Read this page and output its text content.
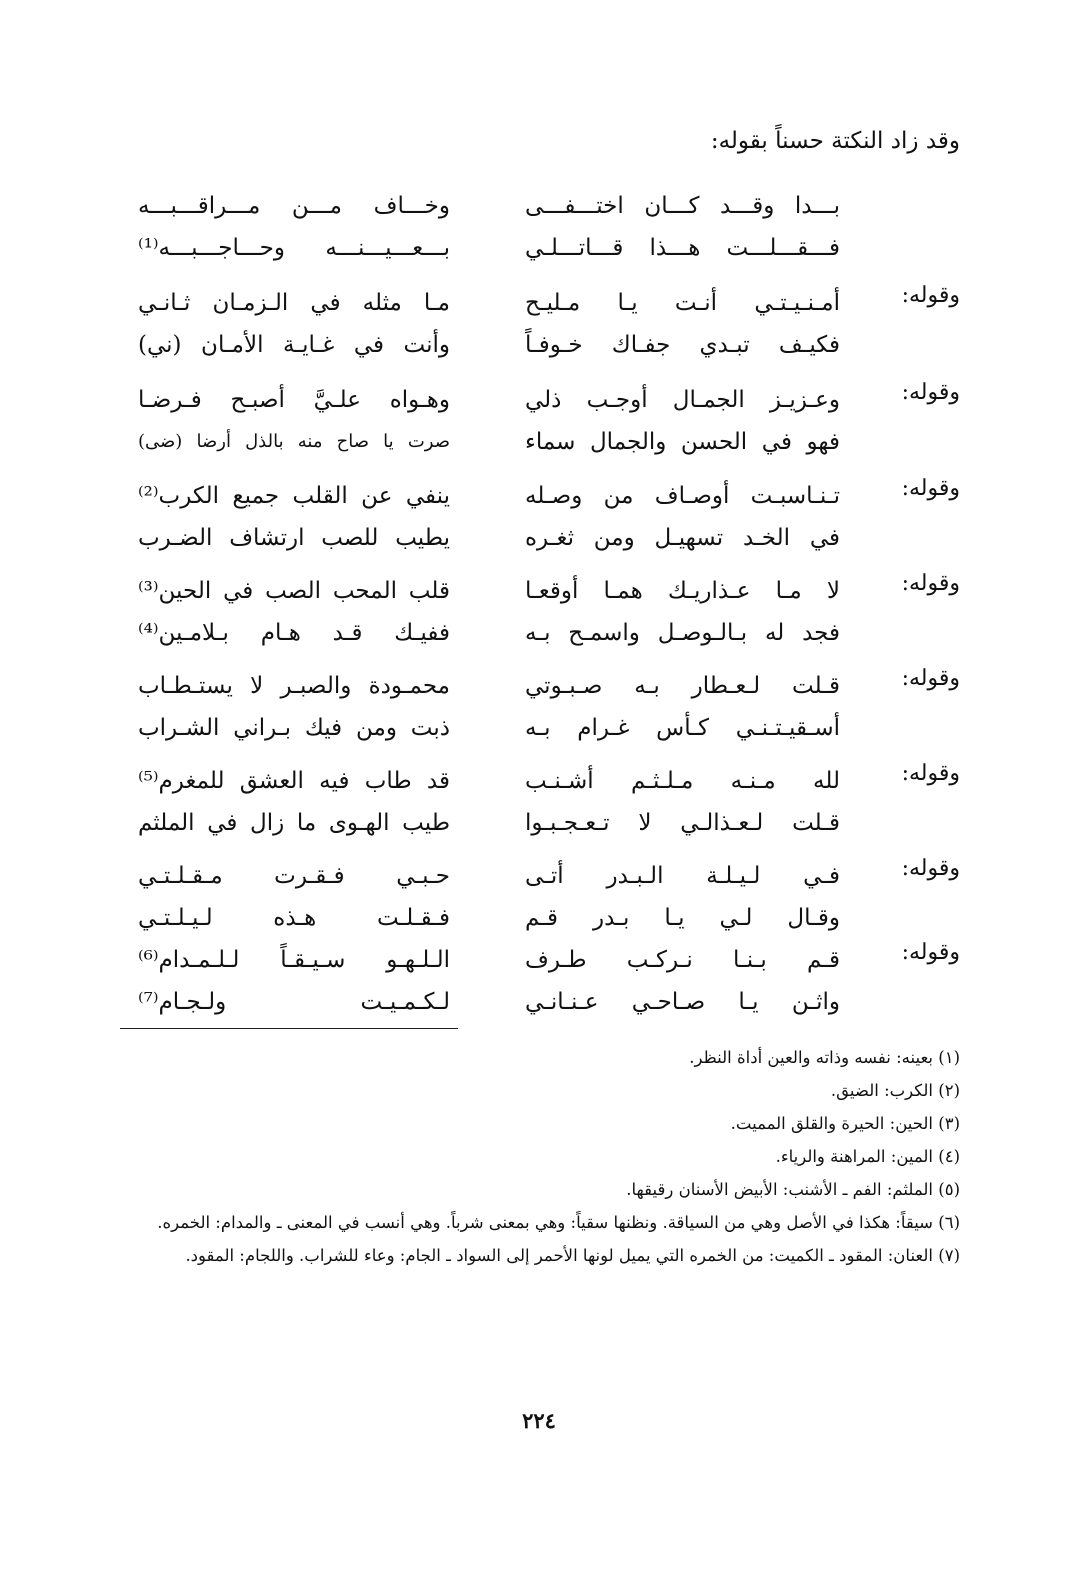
وقد زاد النكتة حسناً بقوله:
بـــدا وقـــد كـــان اختـــفـــى
وخـــاف مـــن مـــراقـــبـــه
فـــقـــلـــت هـــذا قـــاتـــلـي
بـــعـــيـــنـــه وحـــاجـــبـــه⁽¹⁾
وقوله:
أمـنـيـتـي أنـت يـا مـليـح
مـا مثله في الـزمـان ثـانـي
فكيـف تبـدي جفـاك خـوفـاً
وأنت في غـايـة الأمـان (ني)
وقوله:
وعـزيـز الجمـال أوجـب ذلي
وهـواه علـيَّ أصبـح فـرضـا
فهو في الحسن والجمال سماء
صرت يا صاح منه بالذل أرضا (ضى)
وقوله:
تـنـاسبـت أوصـاف من وصـله
ينفي عن القلب جميع الكرب⁽²⁾
في الخـد تسهيـل ومن ثغـره
يطيب للصب ارتشاف الضـرب
وقوله:
لا مـا عـذاريـك همـا أوقعـا
قلب المحب الصب في الحين⁽³⁾
فجد له بـالـوصـل واسمـح بـه
ففيـك قـد هـام بـلامـين⁽⁴⁾
وقوله:
قـلت لـعـطار بـه صـبـوتي
محمـودة والصبـر لا يستـطـاب
أسـقيـتـنـي كـأس غـرام بـه
ذبت ومن فيك بـراني الشـراب
وقوله:
لله مـنـه مـلـثـم أشـنـب
قد طاب فيه العشق للمغرم⁽⁵⁾
قـلت لـعـذالـي لا تـعـجـبـوا
طيب الهـوى ما زال في الملثم
وقوله:
فـي لـيـلـة الـبـدر أتـى
حـبـي فـقـرت مـقـلـتـي
وقـال لـي يـا بـدر قـم
فـقـلـت هـذه لـيـلـتـي
وقوله:
قـم بـنـا نـركـب طـرف
الـلـهـو سـيـقـاً لـلـمـدام⁽⁶⁾
واثـن يـا صـاحـي عـنـانـي
لـكـمـيـت ولـجـام⁽⁷⁾

(١) بعينه: نفسه وذاته والعين أداة النظر.

(٢) الكرب: الضيق.

(٣) الحين: الحيرة والقلق المميت.

(٤) المين: المراهنة والرياء.

(٥) الملثم: الفم ـ الأشنب: الأبيض الأسنان رقيقها.

(٦) سيقاً: هكذا في الأصل وهي من السياقة. ونظنها سقياً: وهي بمعنى شرباً. وهي أنسب في المعنى ـ والمدام: الخمره.

(٧) العنان: المقود ـ الكميت: من الخمره التي يميل لونها الأحمر إلى السواد ـ الجام: وعاء للشراب. واللجام: المقود.

٢٢٤
